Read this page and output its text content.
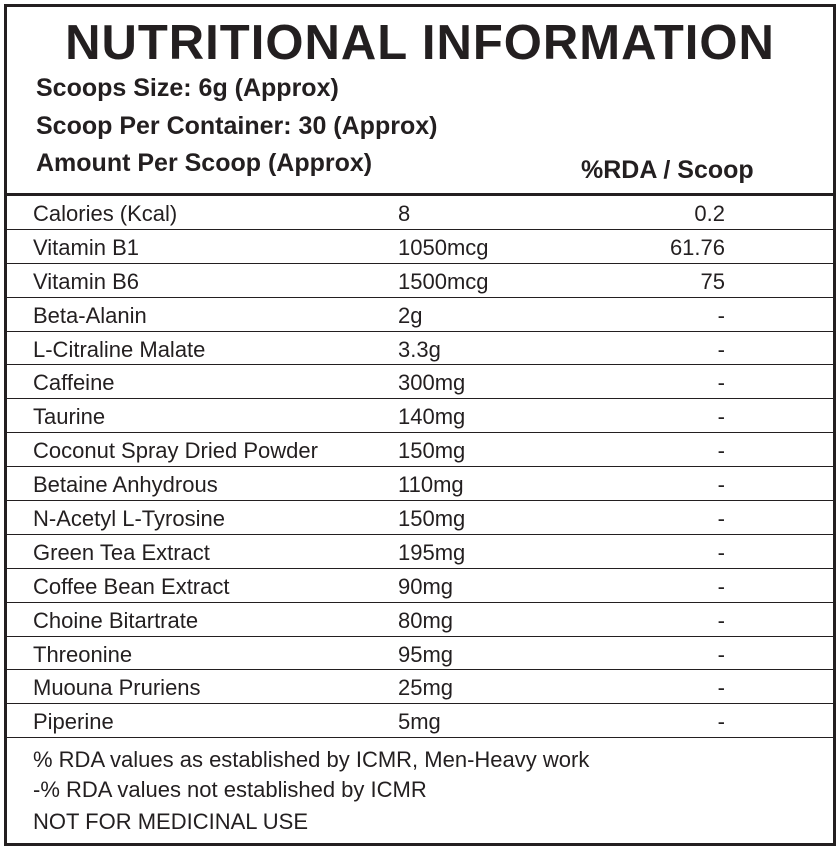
NUTRITIONAL INFORMATION
Scoops Size: 6g (Approx)
Scoop Per Container: 30 (Approx)
Amount Per Scoop (Approx)	%RDA / Scoop
Calories (Kcal)	8	0.2
Vitamin B1	1050mcg	61.76
Vitamin B6	1500mcg	75
Beta-Alanin	2g	-
L-Citraline Malate	3.3g	-
Caffeine	300mg	-
Taurine	140mg	-
Coconut Spray Dried Powder	150mg	-
Betaine Anhydrous	110mg	-
N-Acetyl L-Tyrosine	150mg	-
Green Tea Extract	195mg	-
Coffee Bean Extract	90mg	-
Choine Bitartrate	80mg	-
Threonine	95mg	-
Muouna Pruriens	25mg	-
Piperine	5mg	-
% RDA values as established by ICMR, Men-Heavy work
-% RDA values not established by ICMR
NOT FOR MEDICINAL USE
